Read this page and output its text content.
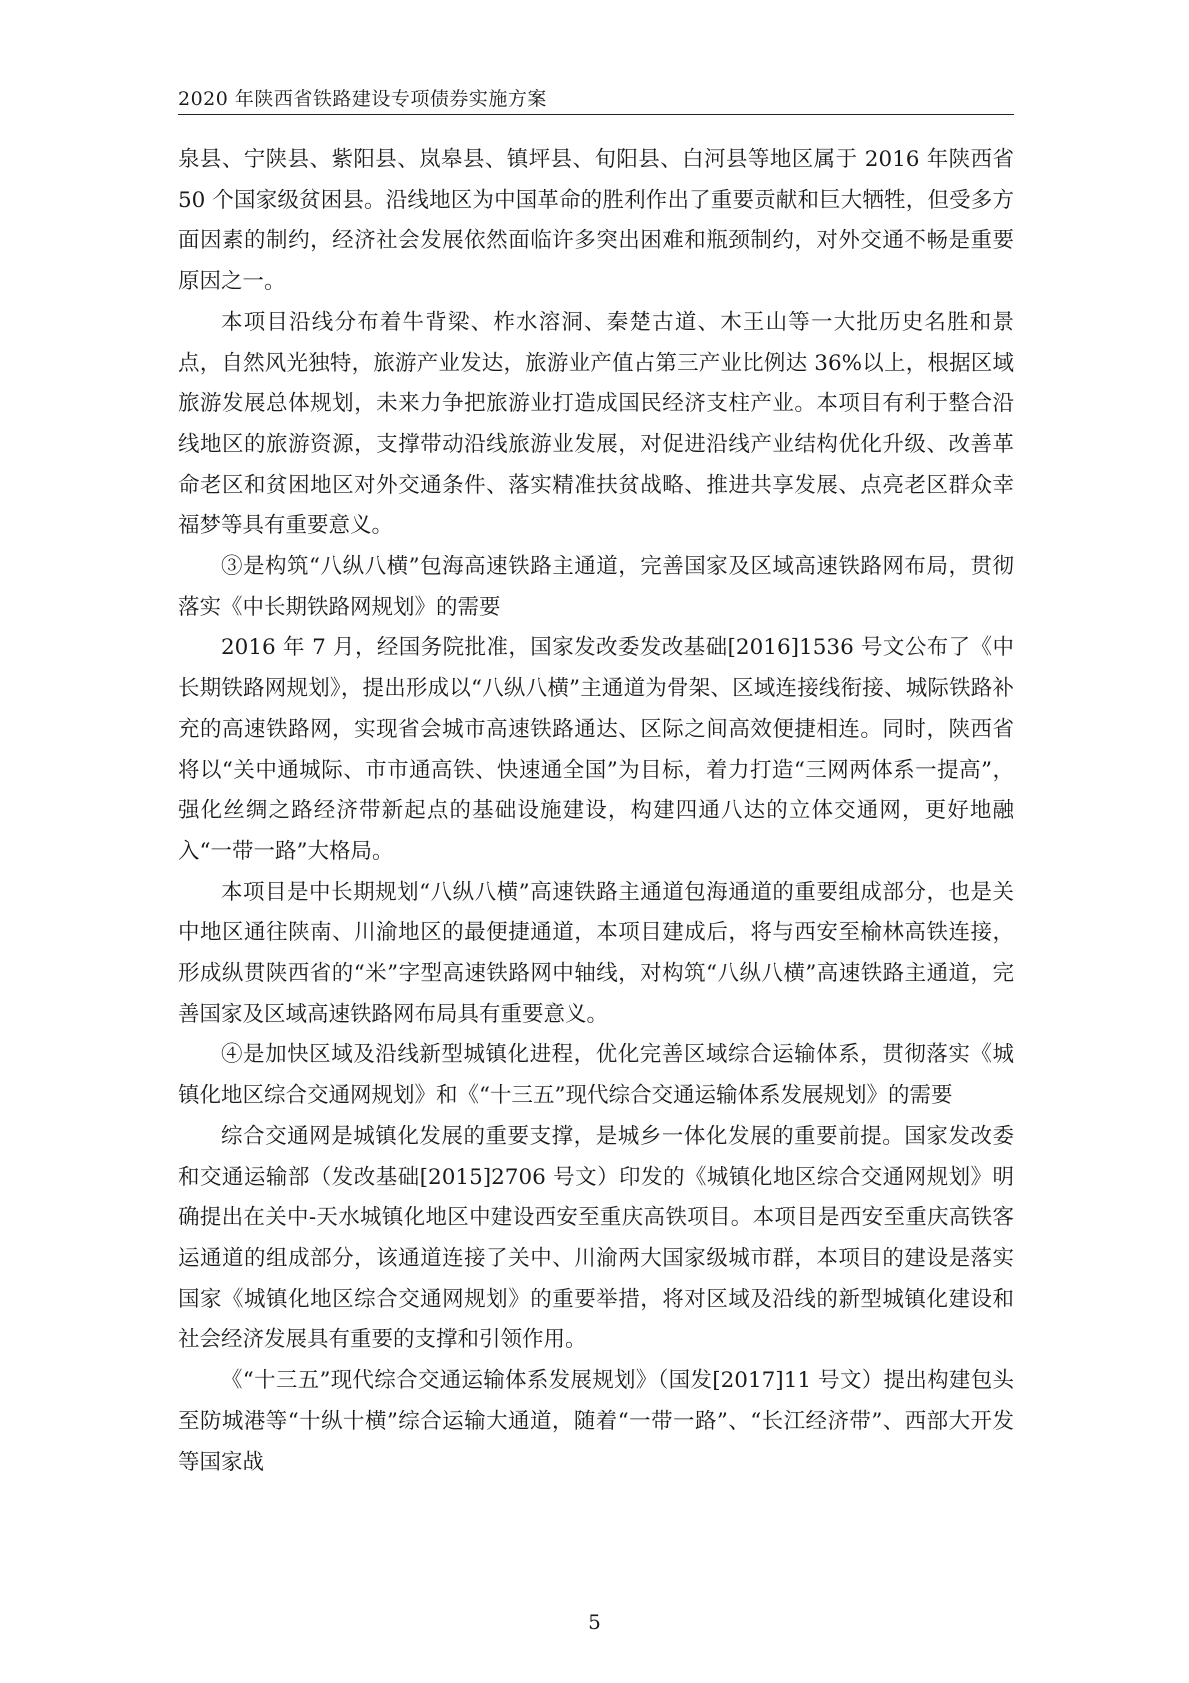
2020 年陕西省铁路建设专项债券实施方案

泉县、宁陕县、紫阳县、岚皋县、镇坪县、旬阳县、白河县等地区属于 2016 年陕西省 50 个国家级贫困县。沿线地区为中国革命的胜利作出了重要贡献和巨大牺牲，但受多方面因素的制约，经济社会发展依然面临许多突出困难和瓶颈制约，对外交通不畅是重要原因之一。

本项目沿线分布着牛背梁、柞水溶洞、秦楚古道、木王山等一大批历史名胜和景点，自然风光独特，旅游产业发达，旅游业产值占第三产业比例达 36%以上，根据区域旅游发展总体规划，未来力争把旅游业打造成国民经济支柱产业。本项目有利于整合沿线地区的旅游资源，支撑带动沿线旅游业发展，对促进沿线产业结构优化升级、改善革命老区和贫困地区对外交通条件、落实精准扶贫战略、推进共享发展、点亮老区群众幸福梦等具有重要意义。

③是构筑“八纵八横”包海高速铁路主通道，完善国家及区域高速铁路网布局，贯彻落实《中长期铁路网规划》的需要

2016 年 7 月，经国务院批准，国家发改委发改基础[2016]1536 号文公布了《中长期铁路网规划》，提出形成以“八纵八横”主通道为骨架、区域连接线衔接、城际铁路补充的高速铁路网，实现省会城市高速铁路通达、区际之间高效便捷相连。同时，陕西省将以“关中通城际、市市通高铁、快速通全国”为目标，着力打造“三网两体系一提高”，强化丝绸之路经济带新起点的基础设施建设，构建四通八达的立体交通网，更好地融入“一带一路”大格局。

本项目是中长期规划“八纵八横”高速铁路主通道包海通道的重要组成部分，也是关中地区通往陕南、川渝地区的最便捷通道，本项目建成后，将与西安至榆林高铁连接，形成纵贯陕西省的“米”字型高速铁路网中轴线，对构筑“八纵八横”高速铁路主通道，完善国家及区域高速铁路网布局具有重要意义。

④是加快区域及沿线新型城镇化进程，优化完善区域综合运输体系，贯彻落实《城镇化地区综合交通网规划》和《“十三五”现代综合交通运输体系发展规划》的需要

综合交通网是城镇化发展的重要支撑，是城乡一体化发展的重要前提。国家发改委和交通运输部（发改基础[2015]2706 号文）印发的《城镇化地区综合交通网规划》明确提出在关中-天水城镇化地区中建设西安至重庆高铁项目。本项目是西安至重庆高铁客运通道的组成部分，该通道连接了关中、川渝两大国家级城市群，本项目的建设是落实国家《城镇化地区综合交通网规划》的重要举措，将对区域及沿线的新型城镇化建设和社会经济发展具有重要的支撑和引领作用。

《“十三五”现代综合交通运输体系发展规划》（国发[2017]11 号文）提出构建包头至防城港等“十纵十横”综合运输大通道，随着“一带一路”、“长江经济带”、西部大开发等国家战

5
